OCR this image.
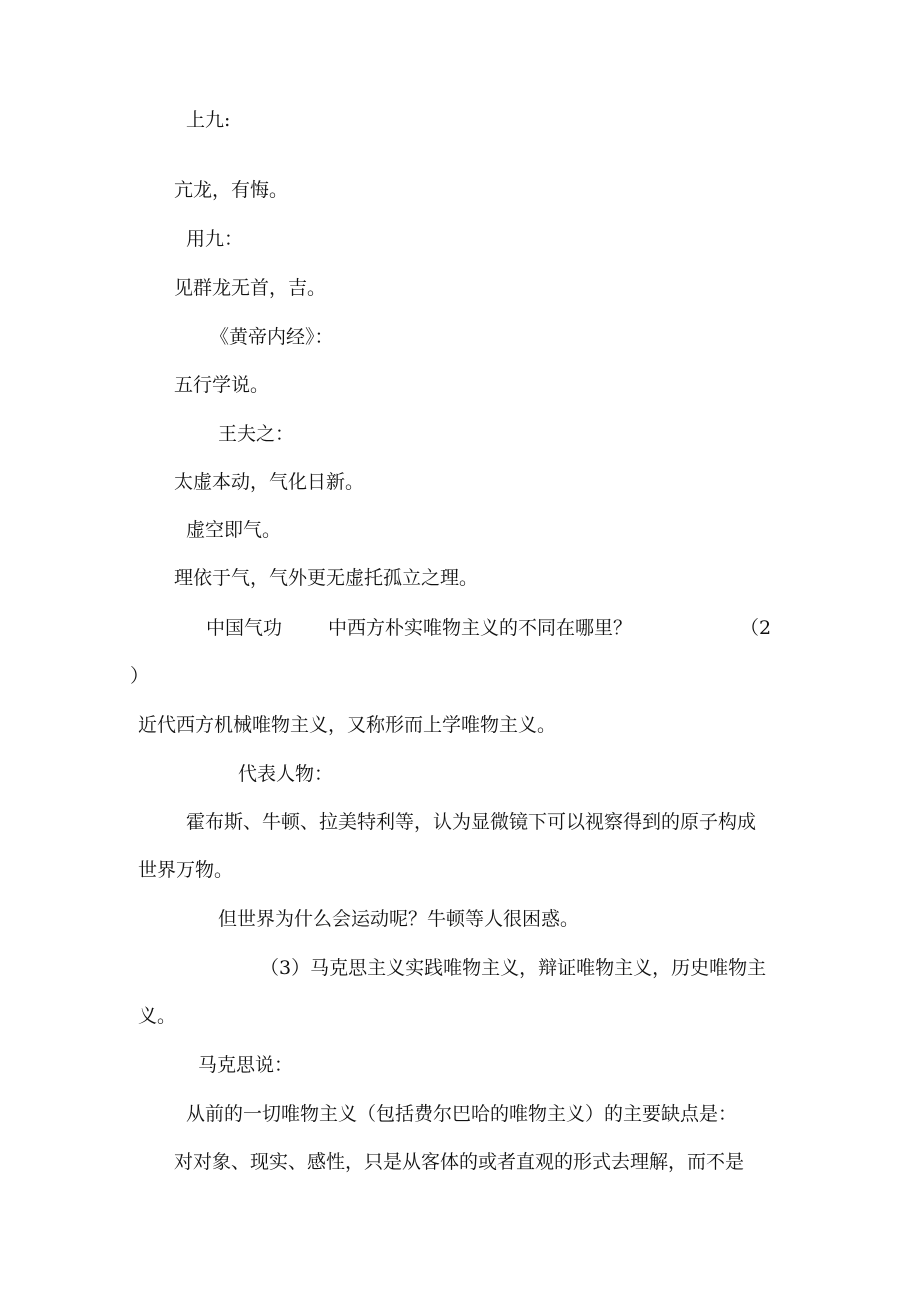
上九:
亢龙，有悔。
用九：
见群龙无首，吉。
《黄帝内经》：
五行学说。
王夫之：
太虚本动，气化日新。
虚空即气。
理依于气，气外更无虚托孤立之理。
中国气功 中西方朴实唯物主义的不同在哪里？	（2
）
近代西方机械唯物主义，又称形而上学唯物主义。
代表人物：
霍布斯、牛顿、拉美特利等，认为显微镜下可以视察得到的原子构成
世界万物。
但世界为什么会运动呢？牛顿等人很困惑。
（3）马克思主义实践唯物主义，辩证唯物主义，历史唯物主
义。
马克思说：
从前的一切唯物主义（包括费尔巴哈的唯物主义）的主要缺点是：
对对象、现实、感性，只是从客体的或者直观的形式去理解，而不是
